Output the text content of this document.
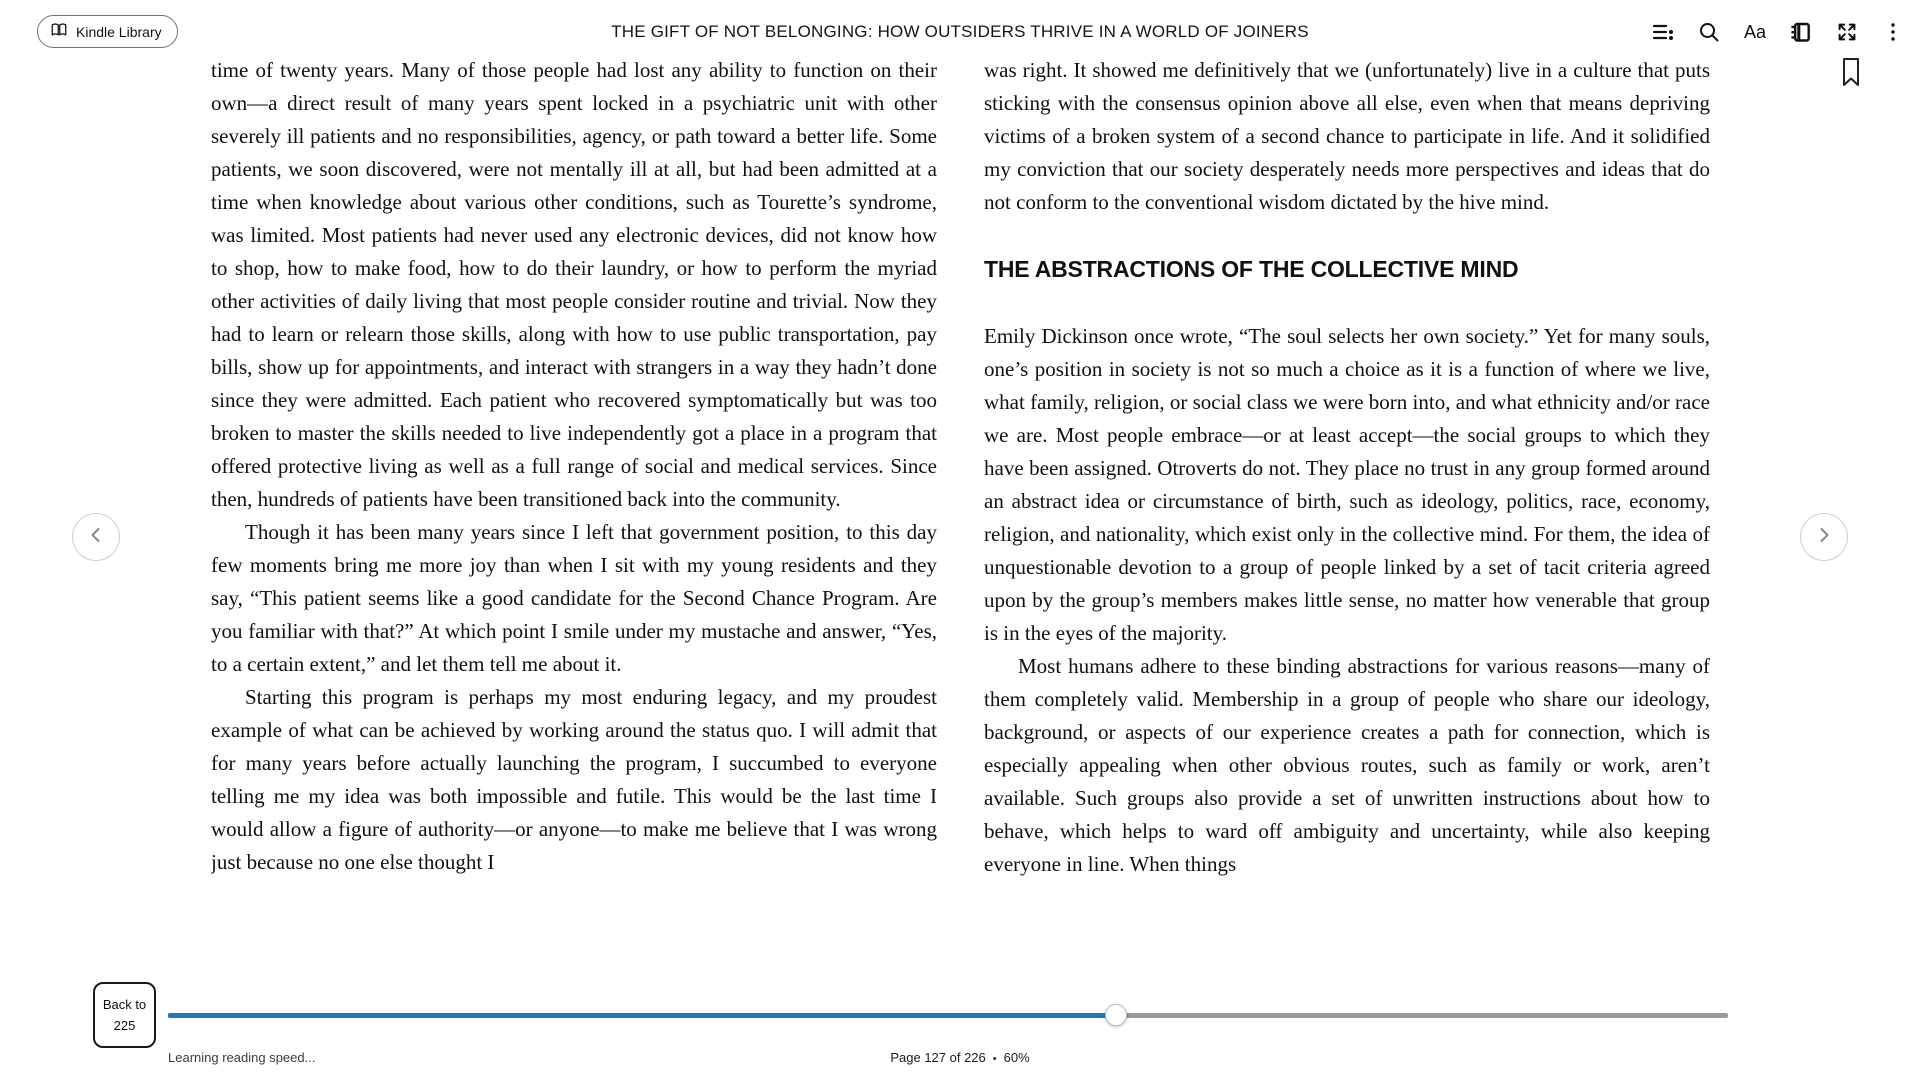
Kindle Library	THE GIFT OF NOT BELONGING: HOW OUTSIDERS THRIVE IN A WORLD OF JOINERS	Aa

time of twenty years. Many of those people had lost any ability to function on their own—a direct result of many years spent locked in a psychiatric unit with other severely ill patients and no responsibilities, agency, or path toward a better life. Some patients, we soon discovered, were not mentally ill at all, but had been admitted at a time when knowledge about various other conditions, such as Tourette’s syndrome, was limited. Most patients had never used any electronic devices, did not know how to shop, how to make food, how to do their laundry, or how to perform the myriad other activities of daily living that most people consider routine and trivial. Now they had to learn or relearn those skills, along with how to use public transportation, pay bills, show up for appointments, and interact with strangers in a way they hadn’t done since they were admitted. Each patient who recovered symptomatically but was too broken to master the skills needed to live independently got a place in a program that offered protective living as well as a full range of social and medical services. Since then, hundreds of patients have been transitioned back into the community.

Though it has been many years since I left that government position, to this day few moments bring me more joy than when I sit with my young residents and they say, “This patient seems like a good candidate for the Second Chance Program. Are you familiar with that?” At which point I smile under my mustache and answer, “Yes, to a certain extent,” and let them tell me about it.

Starting this program is perhaps my most enduring legacy, and my proudest example of what can be achieved by working around the status quo. I will admit that for many years before actually launching the program, I succumbed to everyone telling me my idea was both impossible and futile. This would be the last time I would allow a figure of authority—or anyone—to make me believe that I was wrong just because no one else thought I

was right. It showed me definitively that we (unfortunately) live in a culture that puts sticking with the consensus opinion above all else, even when that means depriving victims of a broken system of a second chance to participate in life. And it solidified my conviction that our society desperately needs more perspectives and ideas that do not conform to the conventional wisdom dictated by the hive mind.

THE ABSTRACTIONS OF THE COLLECTIVE MIND

Emily Dickinson once wrote, “The soul selects her own society.” Yet for many souls, one’s position in society is not so much a choice as it is a function of where we live, what family, religion, or social class we were born into, and what ethnicity and/or race we are. Most people embrace—or at least accept—the social groups to which they have been assigned. Otroverts do not. They place no trust in any group formed around an abstract idea or circumstance of birth, such as ideology, politics, race, economy, religion, and nationality, which exist only in the collective mind. For them, the idea of unquestionable devotion to a group of people linked by a set of tacit criteria agreed upon by the group’s members makes little sense, no matter how venerable that group is in the eyes of the majority.

Most humans adhere to these binding abstractions for various reasons—many of them completely valid. Membership in a group of people who share our ideology, background, or aspects of our experience creates a path for connection, which is especially appealing when other obvious routes, such as family or work, aren’t available. Such groups also provide a set of unwritten instructions about how to behave, which helps to ward off ambiguity and uncertainty, while also keeping everyone in line. When things

Back to
225
Learning reading speed...	Page 127 of 226 • 60%
